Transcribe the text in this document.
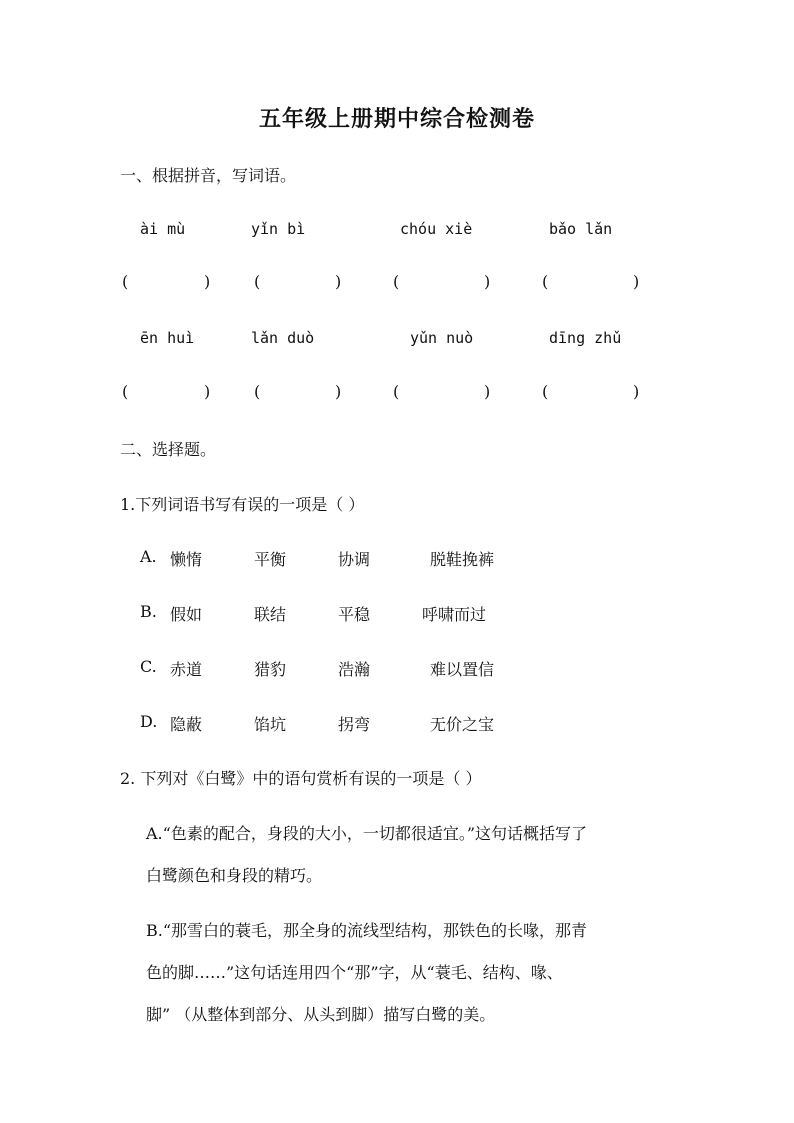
五年级上册期中综合检测卷
一、根据拼音，写词语。
ài mù	yǐn bì	chóu xiè	bǎo lǎn
(	)	(	)	(	)	(	)
ēn huì	lǎn duò	yǔn nuò	dīng zhǔ
(	)	(	)	(	)	(	)
二、选择题。
1.下列词语书写有误的一项是（ ）
A. 懒惰	平衡	协调	脱鞋挽裤
B. 假如	联结	平稳	呼啸而过
C. 赤道	猎豹	浩瀚	难以置信
D. 隐蔽	馅坑	拐弯	无价之宝
2. 下列对《白鹭》中的语句赏析有误的一项是（ ）
A.“色素的配合，身段的大小，一切都很适宜。”这句话概括写了
白鹭颜色和身段的精巧。
B.“那雪白的蓑毛，那全身的流线型结构，那铁色的长喙，那青
色的脚……”这句话连用四个“那”字，从“蓑毛、结构、喙、
脚” （从整体到部分、从头到脚）描写白鹭的美。
